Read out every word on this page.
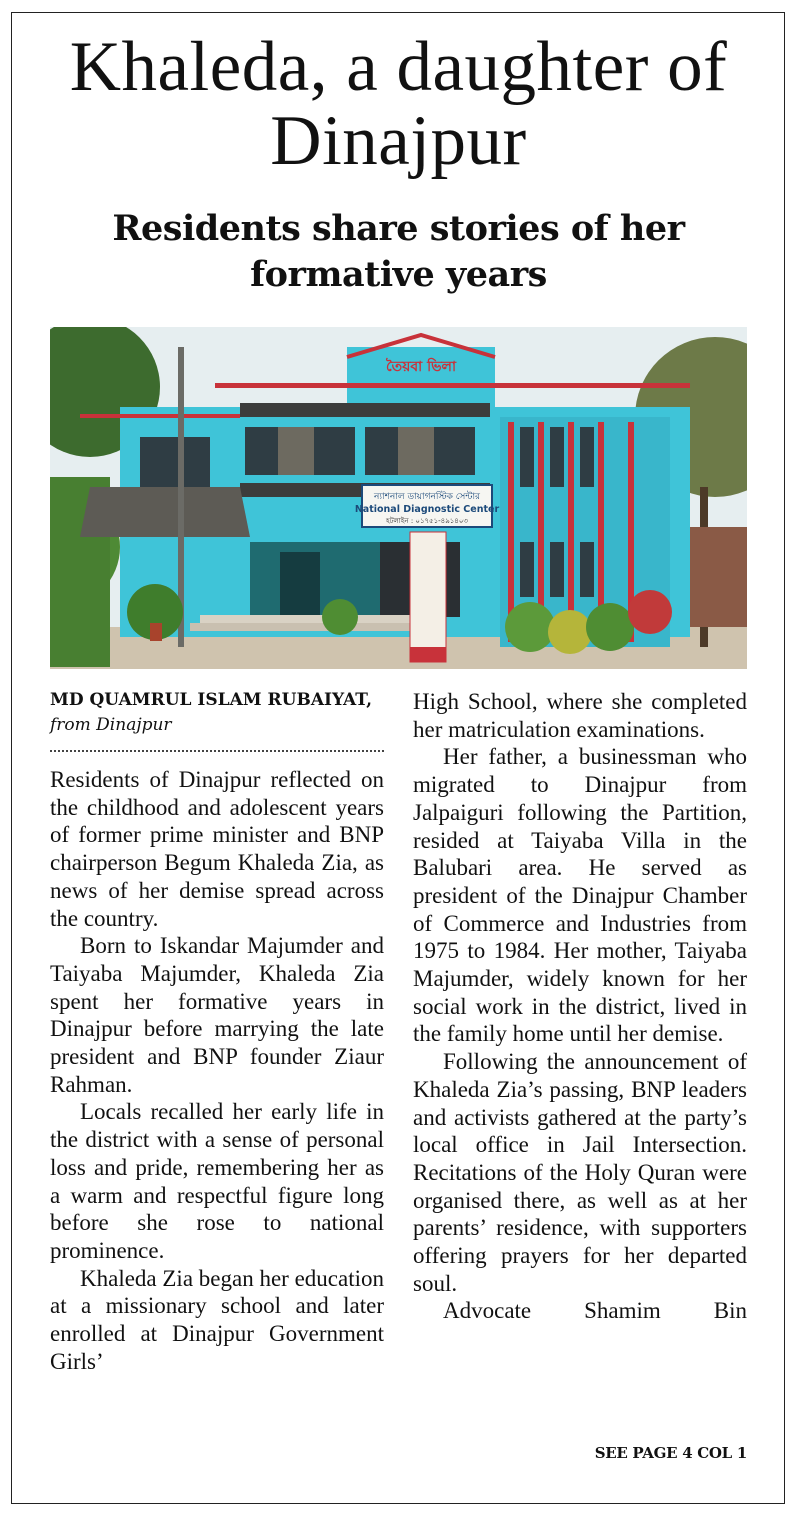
Khaleda, a daughter of Dinajpur
Residents share stories of her formative years
ন্যাশনাল ডায়াগনস্টিক সেন্টার
National Diagnostic Center
হটলাইন : ০১৭৫১-৪৯১৪০৩
তৈয়বা ভিলা
MD QUAMRUL ISLAM RUBAIYAT, from Dinajpur

Residents of Dinajpur reflected on the childhood and adolescent years of former prime minister and BNP chairperson Begum Khaleda Zia, as news of her demise spread across the country.

Born to Iskandar Majumder and Taiyaba Majumder, Khaleda Zia spent her formative years in Dinajpur before marrying the late president and BNP founder Ziaur Rahman.

Locals recalled her early life in the district with a sense of personal loss and pride, remembering her as a warm and respectful figure long before she rose to national prominence.

Khaleda Zia began her education at a missionary school and later enrolled at Dinajpur Government Girls’

High School, where she completed her matriculation examinations.

Her father, a businessman who migrated to Dinajpur from Jalpaiguri following the Partition, resided at Taiyaba Villa in the Balubari area. He served as president of the Dinajpur Chamber of Commerce and Industries from 1975 to 1984. Her mother, Taiyaba Majumder, widely known for her social work in the district, lived in the family home until her demise.

Following the announcement of Khaleda Zia’s passing, BNP leaders and activists gathered at the party’s local office in Jail Intersection. Recitations of the Holy Quran were organised there, as well as at her parents’ residence, with supporters offering prayers for her departed soul.

Advocate Shamim Bin

SEE PAGE 4 COL 1
